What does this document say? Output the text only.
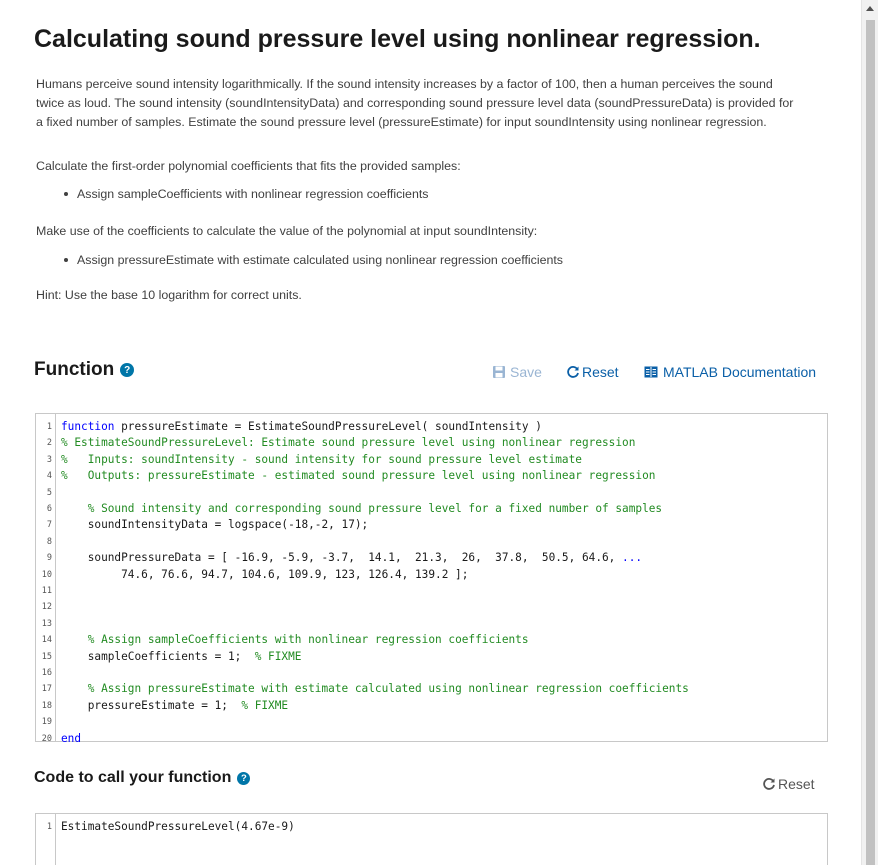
Calculating sound pressure level using nonlinear regression.
Humans perceive sound intensity logarithmically. If the sound intensity increases by a factor of 100, then a human perceives the sound twice as loud. The sound intensity (soundIntensityData) and corresponding sound pressure level data (soundPressureData) is provided for a fixed number of samples. Estimate the sound pressure level (pressureEstimate) for input soundIntensity using nonlinear regression.
Calculate the first-order polynomial coefficients that fits the provided samples:
Assign sampleCoefficients with nonlinear regression coefficients
Make use of the coefficients to calculate the value of the polynomial at input soundIntensity:
Assign pressureEstimate with estimate calculated using nonlinear regression coefficients
Hint: Use the base 10 logarithm for correct units.
Function ?	Save	Reset	MATLAB Documentation
1 function pressureEstimate = EstimateSoundPressureLevel( soundIntensity )
2 % EstimateSoundPressureLevel: Estimate sound pressure level using nonlinear regression
3 %   Inputs: soundIntensity - sound intensity for sound pressure level estimate
4 %   Outputs: pressureEstimate - estimated sound pressure level using nonlinear regression
5
6	% Sound intensity and corresponding sound pressure level for a fixed number of samples
7 soundIntensityData = logspace(-18,-2, 17);
8
9 soundPressureData = [ -16.9, -5.9, -3.7,  14.1,  21.3,  26,  37.8,  50.5, 64.6, ...
10 74.6, 76.6, 94.7, 104.6, 109.9, 123, 126.4, 139.2 ];
11
12
13
14	% Assign sampleCoefficients with nonlinear regression coefficients
15 sampleCoefficients = 1;  % FIXME
16
17	% Assign pressureEstimate with estimate calculated using nonlinear regression coefficients
18 pressureEstimate = 1;  % FIXME
19
20 end
Code to call your function	?	Reset
1 EstimateSoundPressureLevel(4.67e-9)
